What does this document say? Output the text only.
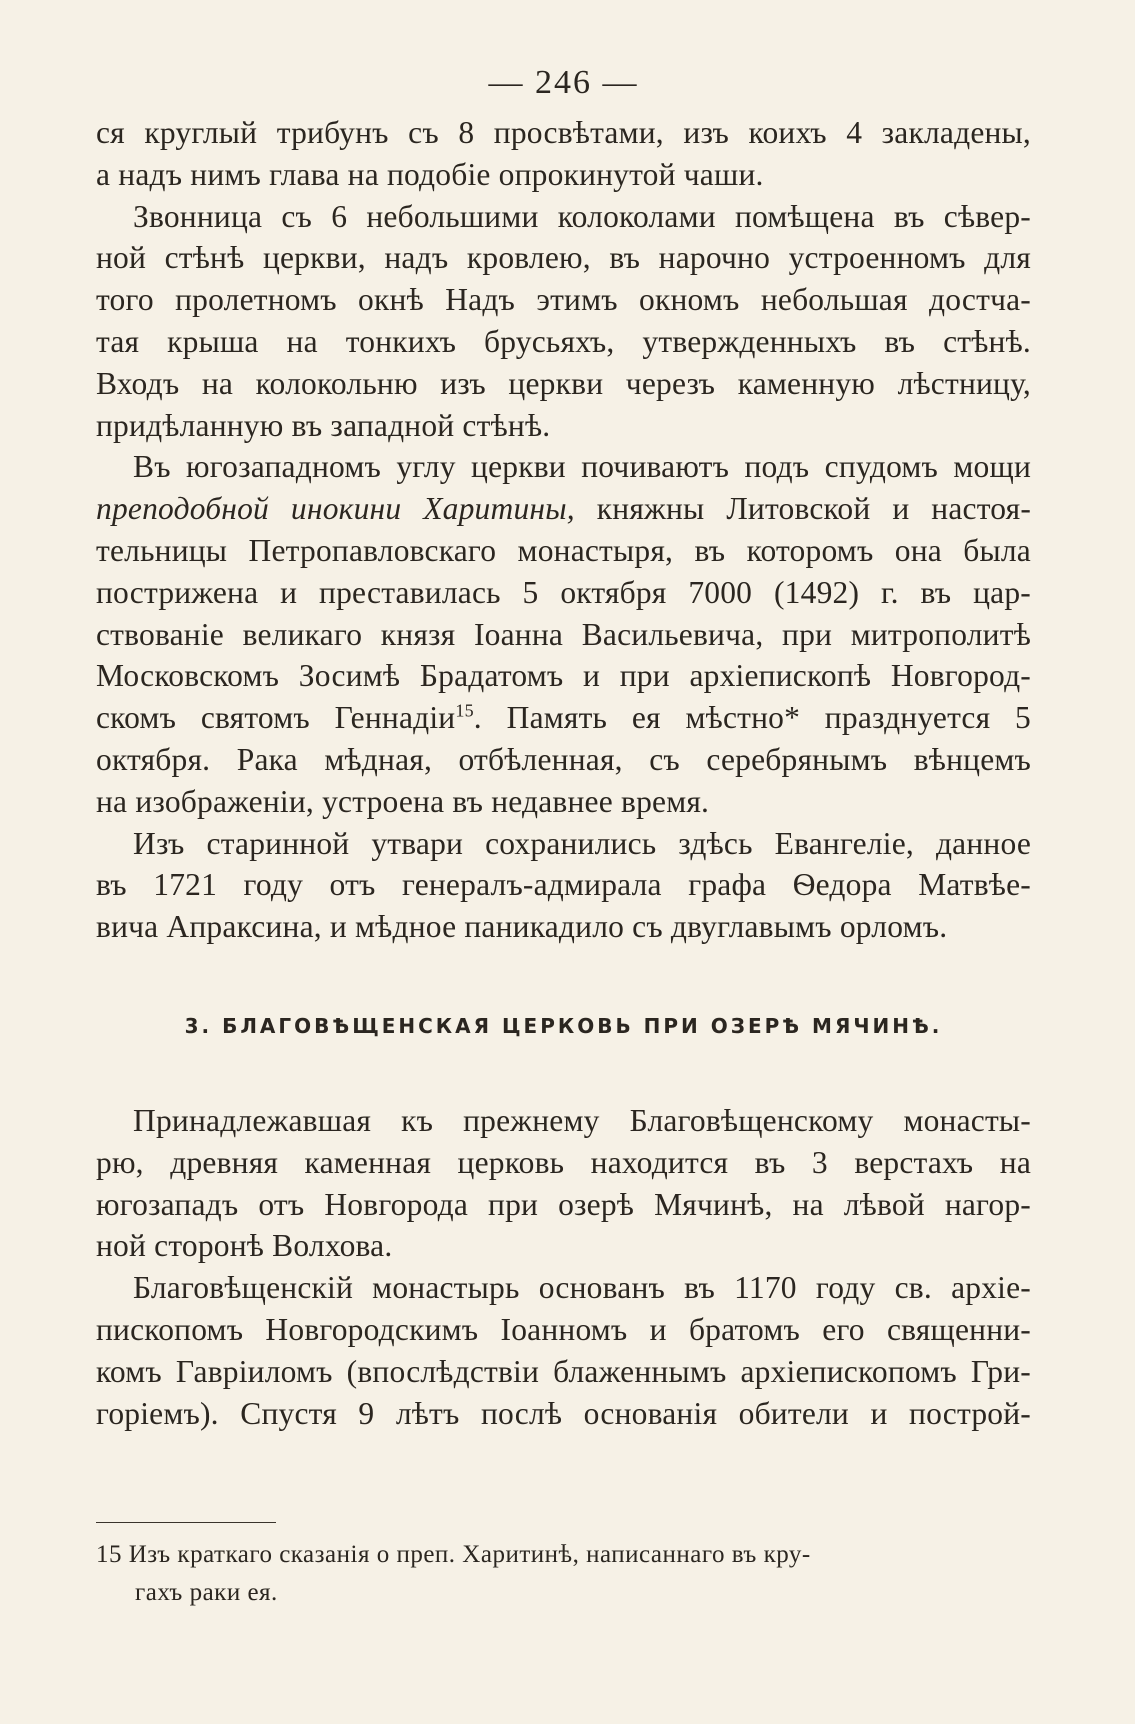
— 246 —

ся круглый трибунъ съ 8 просвѣтами, изъ коихъ 4 закладены,
а надъ нимъ глава на подобіе опрокинутой чаши.

Звонница съ 6 небольшими колоколами помѣщена въ сѣвер-
ной стѣнѣ церкви, надъ кровлею, въ нарочно устроенномъ для
того пролетномъ окнѣ Надъ этимъ окномъ небольшая достча-
тая крыша на тонкихъ брусьяхъ, утвержденныхъ въ стѣнѣ.
Входъ на колокольню изъ церкви черезъ каменную лѣстницу,
придѣланную въ западной стѣнѣ.

Въ югозападномъ углу церкви почиваютъ подъ спудомъ мощи
преподобной инокини Харитины, княжны Литовской и настоя-
тельницы Петропавловскаго монастыря, въ которомъ она была
пострижена и преставилась 5 октября 7000 (1492) г. въ цар-
ствованіе великаго князя Іоанна Васильевича, при митрополитѣ
Московскомъ Зосимѣ Брадатомъ и при архіепископѣ Новгород-
скомъ святомъ Геннадіи$^{15}$. Память ея мѣстно* празднуется 5
октября. Рака мѣдная, отбѣленная, съ серебрянымъ вѣнцемъ
на изображеніи, устроена въ недавнее время.

Изъ старинной утвари сохранились здѣсь Евангеліе, данное
въ 1721 году отъ генералъ-адмирала графа Ѳедора Матвѣе-
вича Апраксина, и мѣдное паникадило съ двуглавымъ орломъ.

3. БЛАГОВѢЩЕНСКАЯ ЦЕРКОВЬ ПРИ ОЗЕРѢ МЯЧИНѢ.

Принадлежавшая къ прежнему Благовѣщенскому монасты-
рю, древняя каменная церковь находится въ 3 верстахъ на
югозападъ отъ Новгорода при озерѣ Мячинѣ, на лѣвой нагор-
ной сторонѣ Волхова.

Благовѣщенскій монастырь основанъ въ 1170 году св. архіе-
пископомъ Новгородскимъ Іоанномъ и братомъ его священни-
комъ Гавріиломъ (впослѣдствіи блаженнымъ архіепископомъ Гри-
горіемъ). Спустя 9 лѣтъ послѣ основанія обители и построй-

15 Изъ краткаго сказанія о преп. Харитинѣ, написаннаго въ кру-
гахъ раки ея.
